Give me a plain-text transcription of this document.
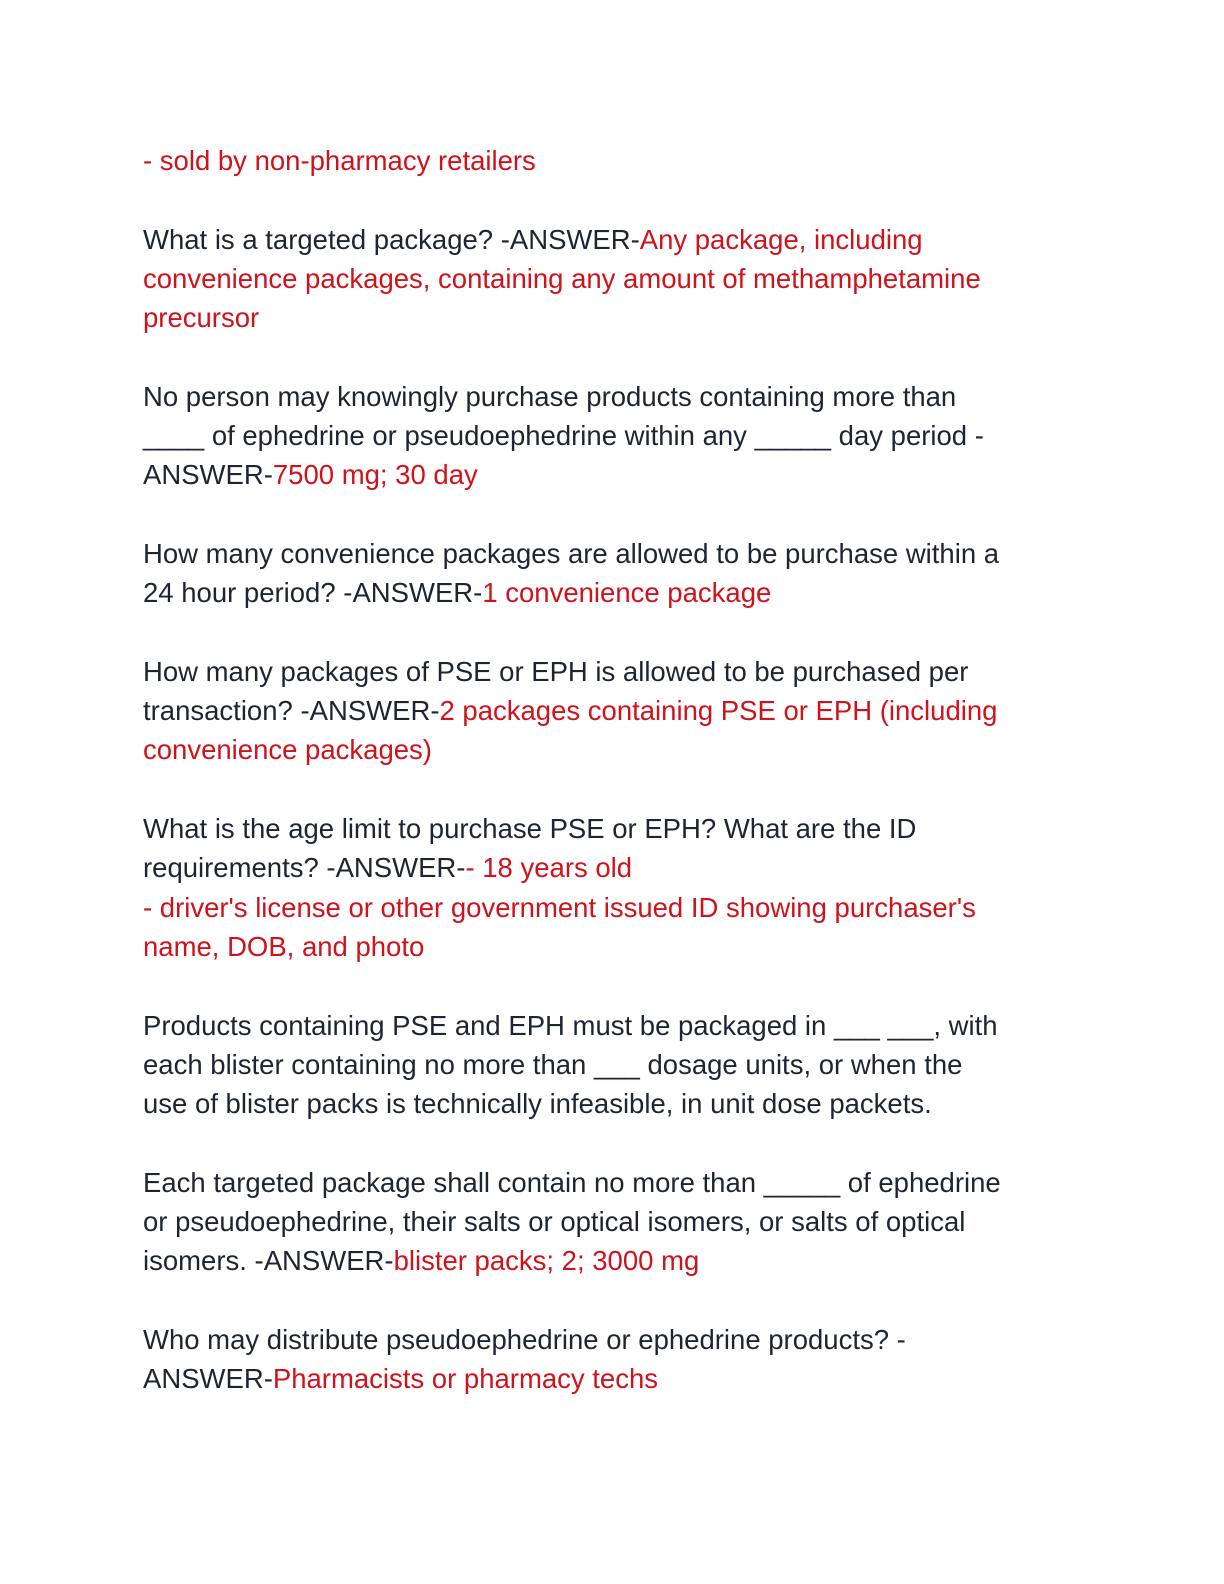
- sold by non-pharmacy retailers

What is a targeted package? -ANSWER-Any package, including
convenience packages, containing any amount of methamphetamine
precursor

No person may knowingly purchase products containing more than
____ of ephedrine or pseudoephedrine within any _____ day period -
ANSWER-7500 mg; 30 day

How many convenience packages are allowed to be purchase within a
24 hour period? -ANSWER-1 convenience package

How many packages of PSE or EPH is allowed to be purchased per
transaction? -ANSWER-2 packages containing PSE or EPH (including
convenience packages)

What is the age limit to purchase PSE or EPH? What are the ID
requirements? -ANSWER-- 18 years old
- driver's license or other government issued ID showing purchaser's
name, DOB, and photo

Products containing PSE and EPH must be packaged in ___ ___, with
each blister containing no more than ___ dosage units, or when the
use of blister packs is technically infeasible, in unit dose packets.

Each targeted package shall contain no more than _____ of ephedrine
or pseudoephedrine, their salts or optical isomers, or salts of optical
isomers. -ANSWER-blister packs; 2; 3000 mg

Who may distribute pseudoephedrine or ephedrine products? -
ANSWER-Pharmacists or pharmacy techs
